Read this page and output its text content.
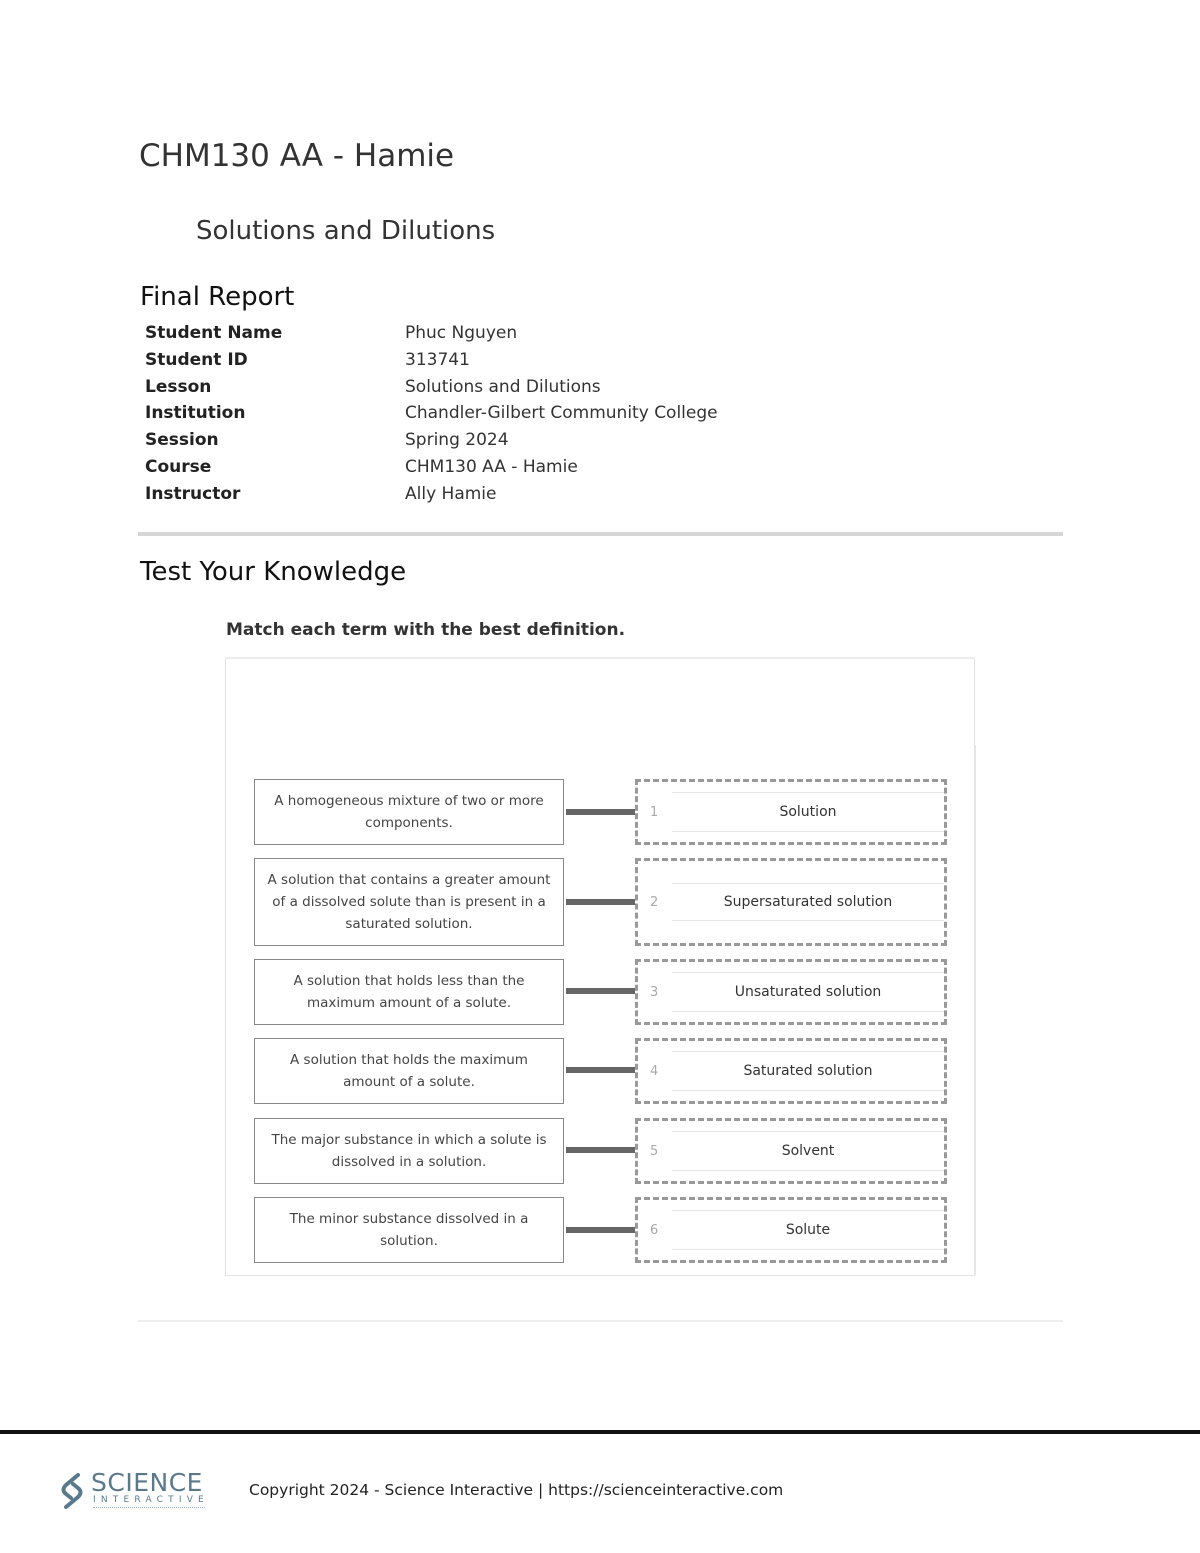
CHM130 AA - Hamie
Solutions and Dilutions
Final Report
Student Name	Phuc Nguyen
Student ID	313741
Lesson	Solutions and Dilutions
Institution	Chandler-Gilbert Community College
Session	Spring 2024
Course	CHM130 AA - Hamie
Instructor	Ally Hamie
Test Your Knowledge
Match each term with the best definition.
A homogeneous mixture of two or more components.
1	Solution
A solution that contains a greater amount of a dissolved solute than is present in a saturated solution.
2	Supersaturated solution
A solution that holds less than the maximum amount of a solute.
3	Unsaturated solution
A solution that holds the maximum amount of a solute.
4	Saturated solution
The major substance in which a solute is dissolved in a solution.
5	Solvent
The minor substance dissolved in a solution.
6	Solute
SCIENCE
INTERACTIVE
Copyright 2024 - Science Interactive | https://scienceinteractive.com
